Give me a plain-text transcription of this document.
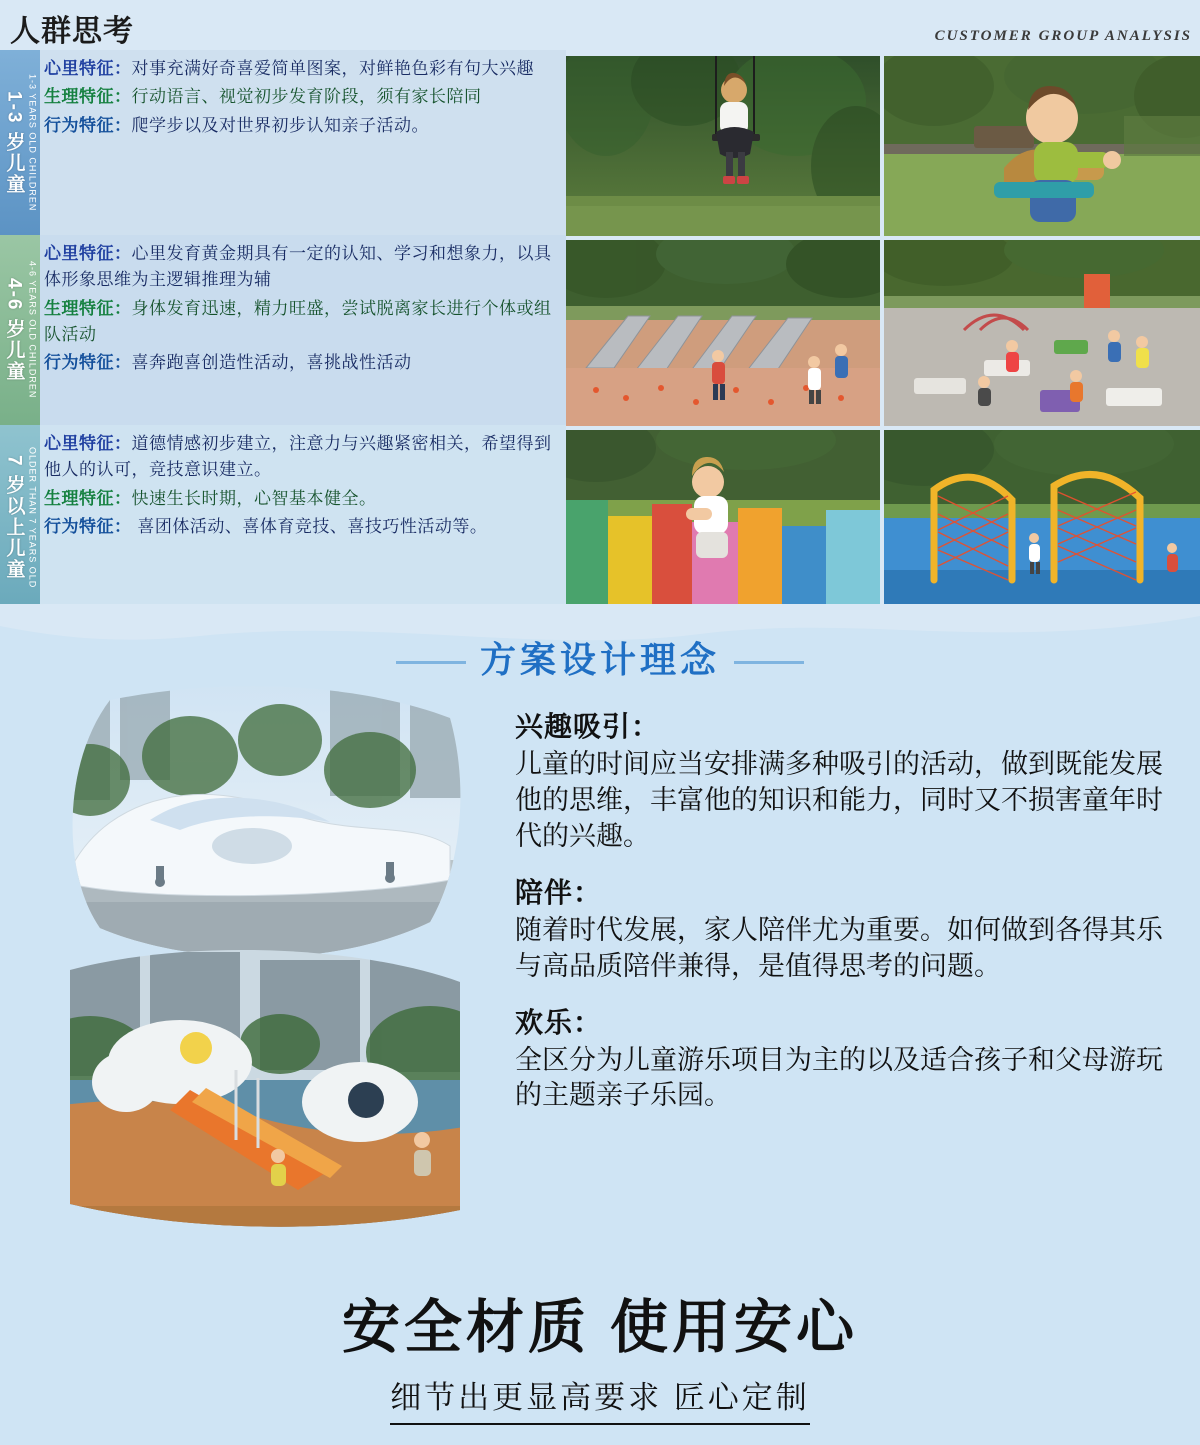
人群思考	CUSTOMER GROUP ANALYSIS
1-3 岁儿童 1-3 YEARS OLD CHILDREN

心里特征：对事充满好奇喜爱简单图案，对鲜艳色彩有句大兴趣

生理特征：行动语言、视觉初步发育阶段，须有家长陪同

行为特征：爬学步以及对世界初步认知亲子活动。

4-6 岁儿童 4-6 YEARS OLD CHILDREN

心里特征：心里发育黄金期具有一定的认知、学习和想象力，以具体形象思维为主逻辑推理为辅

生理特征：身体发育迅速，精力旺盛，尝试脱离家长进行个体或组队活动

行为特征：喜奔跑喜创造性活动，喜挑战性活动

7 岁以上儿童 OLDER THAN 7 YEARS OLD

心里特征：道德情感初步建立，注意力与兴趣紧密相关，希望得到他人的认可，竞技意识建立。

生理特征：快速生长时期，心智基本健全。

行为特征： 喜团体活动、喜体育竞技、喜技巧性活动等。

方案设计理念

兴趣吸引：

儿童的时间应当安排满多种吸引的活动，做到既能发展他的思维，丰富他的知识和能力，同时又不损害童年时代的兴趣。

陪伴：

随着时代发展，家人陪伴尤为重要。如何做到各得其乐与高品质陪伴兼得，是值得思考的问题。

欢乐：

全区分为儿童游乐项目为主的以及适合孩子和父母游玩的主题亲子乐园。

安全材质 使用安心
细节出更显高要求 匠心定制
